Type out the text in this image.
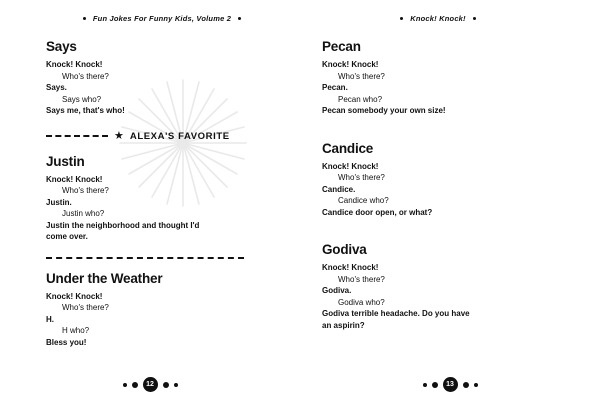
Fun Jokes For Funny Kids, Volume 2
Says

Knock! Knock!

Who's there?

Says.

Says who?

Says me, that's who!

★ ALEXA'S FAVORITE
Justin

Knock! Knock!

Who's there?

Justin.

Justin who?

Justin the neighborhood and thought I'd

come over.

Under the Weather

Knock! Knock!

Who's there?

H.

H who?

Bless you!

12
Knock! Knock!
Pecan

Knock! Knock!

Who's there?

Pecan.

Pecan who?

Pecan somebody your own size!

Candice

Knock! Knock!

Who's there?

Candice.

Candice who?

Candice door open, or what?

Godiva

Knock! Knock!

Who's there?

Godiva.

Godiva who?

Godiva terrible headache. Do you have

an aspirin?

13
